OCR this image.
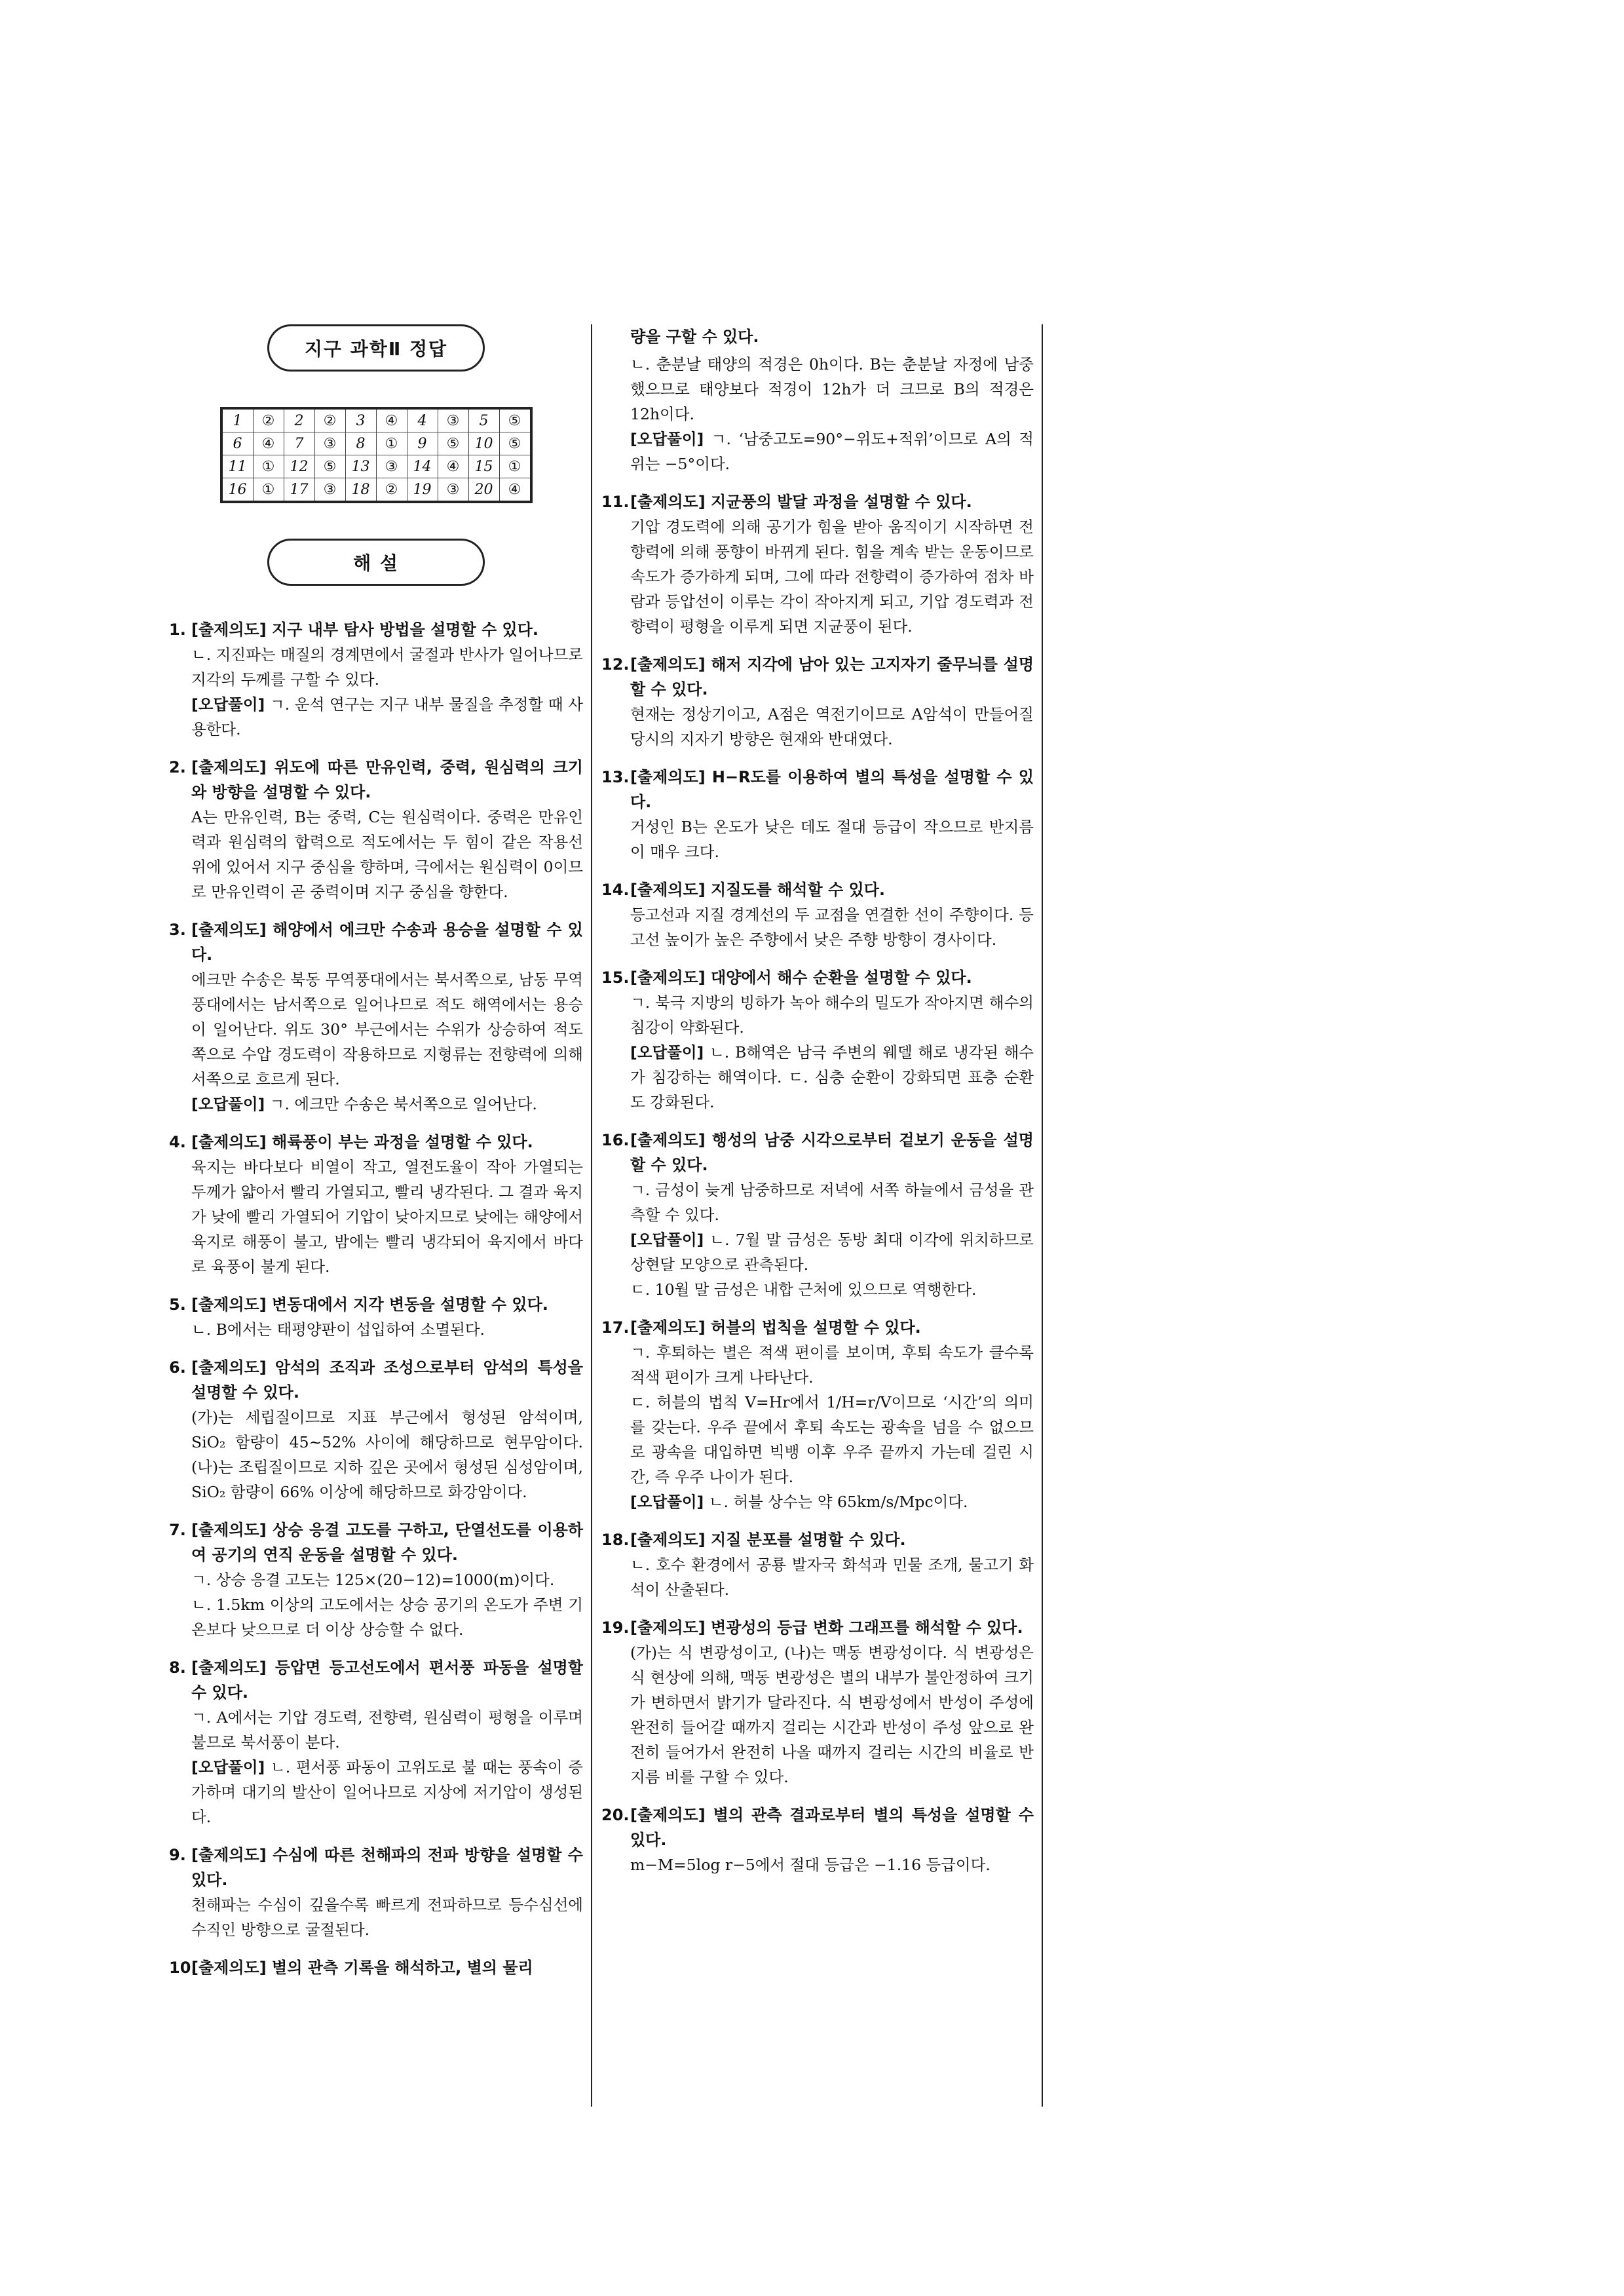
지구 과학Ⅱ 정답
1	②	2	②	3	④	4	③	5	⑤
6	④	7	③	8	①	9	⑤	10	⑤
11	①	12	⑤	13	③	14	④	15	①
16	①	17	③	18	②	19	③	20	④
해 설
1. [출제의도] 지구 내부 탐사 방법을 설명할 수 있다.
ㄴ. 지진파는 매질의 경계면에서 굴절과 반사가 일어나므로 지각의 두께를 구할 수 있다.
[오답풀이] ㄱ. 운석 연구는 지구 내부 물질을 추정할 때 사용한다.
2. [출제의도] 위도에 따른 만유인력, 중력, 원심력의 크기와 방향을 설명할 수 있다.
A는 만유인력, B는 중력, C는 원심력이다. 중력은 만유인력과 원심력의 합력으로 적도에서는 두 힘이 같은 작용선 위에 있어서 지구 중심을 향하며, 극에서는 원심력이 0이므로 만유인력이 곧 중력이며 지구 중심을 향한다.
3. [출제의도] 해양에서 에크만 수송과 용승을 설명할 수 있다.
에크만 수송은 북동 무역풍대에서는 북서쪽으로, 남동 무역풍대에서는 남서쪽으로 일어나므로 적도 해역에서는 용승이 일어난다. 위도 30° 부근에서는 수위가 상승하여 적도 쪽으로 수압 경도력이 작용하므로 지형류는 전향력에 의해 서쪽으로 흐르게 된다.
[오답풀이] ㄱ. 에크만 수송은 북서쪽으로 일어난다.
4. [출제의도] 해륙풍이 부는 과정을 설명할 수 있다.
육지는 바다보다 비열이 작고, 열전도율이 작아 가열되는 두께가 얇아서 빨리 가열되고, 빨리 냉각된다. 그 결과 육지가 낮에 빨리 가열되어 기압이 낮아지므로 낮에는 해양에서 육지로 해풍이 불고, 밤에는 빨리 냉각되어 육지에서 바다로 육풍이 불게 된다.
5. [출제의도] 변동대에서 지각 변동을 설명할 수 있다.
ㄴ. B에서는 태평양판이 섭입하여 소멸된다.
6. [출제의도] 암석의 조직과 조성으로부터 암석의 특성을 설명할 수 있다.
(가)는 세립질이므로 지표 부근에서 형성된 암석이며, SiO₂ 함량이 45~52% 사이에 해당하므로 현무암이다. (나)는 조립질이므로 지하 깊은 곳에서 형성된 심성암이며, SiO₂ 함량이 66% 이상에 해당하므로 화강암이다.
7. [출제의도] 상승 응결 고도를 구하고, 단열선도를 이용하여 공기의 연직 운동을 설명할 수 있다.
ㄱ. 상승 응결 고도는 125×(20−12)=1000(m)이다.
ㄴ. 1.5km 이상의 고도에서는 상승 공기의 온도가 주변 기온보다 낮으므로 더 이상 상승할 수 없다.
8. [출제의도] 등압면 등고선도에서 편서풍 파동을 설명할 수 있다.
ㄱ. A에서는 기압 경도력, 전향력, 원심력이 평형을 이루며 불므로 북서풍이 분다.
[오답풀이] ㄴ. 편서풍 파동이 고위도로 불 때는 풍속이 증가하며 대기의 발산이 일어나므로 지상에 저기압이 생성된다.
9. [출제의도] 수심에 따른 천해파의 전파 방향을 설명할 수 있다.
천해파는 수심이 깊을수록 빠르게 전파하므로 등수심선에 수직인 방향으로 굴절된다.
10.
[출제의도] 별의 관측 기록을 해석하고, 별의 물리
량을 구할 수 있다.
ㄴ. 춘분날 태양의 적경은 0h이다. B는 춘분날 자정에 남중했으므로 태양보다 적경이 12h가 더 크므로 B의 적경은 12h이다.
[오답풀이] ㄱ. ‘남중고도=90°−위도+적위’이므로 A의 적위는 −5°이다.
11. [출제의도] 지균풍의 발달 과정을 설명할 수 있다.
기압 경도력에 의해 공기가 힘을 받아 움직이기 시작하면 전향력에 의해 풍향이 바뀌게 된다. 힘을 계속 받는 운동이므로 속도가 증가하게 되며, 그에 따라 전향력이 증가하여 점차 바람과 등압선이 이루는 각이 작아지게 되고, 기압 경도력과 전향력이 평형을 이루게 되면 지균풍이 된다.
12. [출제의도] 해저 지각에 남아 있는 고지자기 줄무늬를 설명할 수 있다.
현재는 정상기이고, A점은 역전기이므로 A암석이 만들어질 당시의 지자기 방향은 현재와 반대였다.
13. [출제의도] H−R도를 이용하여 별의 특성을 설명할 수 있다.
거성인 B는 온도가 낮은 데도 절대 등급이 작으므로 반지름이 매우 크다.
14. [출제의도] 지질도를 해석할 수 있다.
등고선과 지질 경계선의 두 교점을 연결한 선이 주향이다. 등고선 높이가 높은 주향에서 낮은 주향 방향이 경사이다.
15. [출제의도] 대양에서 해수 순환을 설명할 수 있다.
ㄱ. 북극 지방의 빙하가 녹아 해수의 밀도가 작아지면 해수의 침강이 약화된다.
[오답풀이] ㄴ. B해역은 남극 주변의 웨델 해로 냉각된 해수가 침강하는 해역이다. ㄷ. 심층 순환이 강화되면 표층 순환도 강화된다.
16. [출제의도] 행성의 남중 시각으로부터 겉보기 운동을 설명할 수 있다.
ㄱ. 금성이 늦게 남중하므로 저녁에 서쪽 하늘에서 금성을 관측할 수 있다.
[오답풀이] ㄴ. 7월 말 금성은 동방 최대 이각에 위치하므로 상현달 모양으로 관측된다.
ㄷ. 10월 말 금성은 내합 근처에 있으므로 역행한다.
17. [출제의도] 허블의 법칙을 설명할 수 있다.
ㄱ. 후퇴하는 별은 적색 편이를 보이며, 후퇴 속도가 클수록 적색 편이가 크게 나타난다.
ㄷ. 허블의 법칙 V=Hr에서 1/H=r/V이므로 ‘시간’의 의미를 갖는다. 우주 끝에서 후퇴 속도는 광속을 넘을 수 없으므로 광속을 대입하면 빅뱅 이후 우주 끝까지 가는데 걸린 시간, 즉 우주 나이가 된다.
[오답풀이] ㄴ. 허블 상수는 약 65km/s/Mpc이다.
18. [출제의도] 지질 분포를 설명할 수 있다.
ㄴ. 호수 환경에서 공룡 발자국 화석과 민물 조개, 물고기 화석이 산출된다.
19. [출제의도] 변광성의 등급 변화 그래프를 해석할 수 있다.
(가)는 식 변광성이고, (나)는 맥동 변광성이다. 식 변광성은 식 현상에 의해, 맥동 변광성은 별의 내부가 불안정하여 크기가 변하면서 밝기가 달라진다. 식 변광성에서 반성이 주성에 완전히 들어갈 때까지 걸리는 시간과 반성이 주성 앞으로 완전히 들어가서 완전히 나올 때까지 걸리는 시간의 비율로 반지름 비를 구할 수 있다.
20. [출제의도] 별의 관측 결과로부터 별의 특성을 설명할 수 있다.
m−M=5log r−5에서 절대 등급은 −1.16 등급이다.
